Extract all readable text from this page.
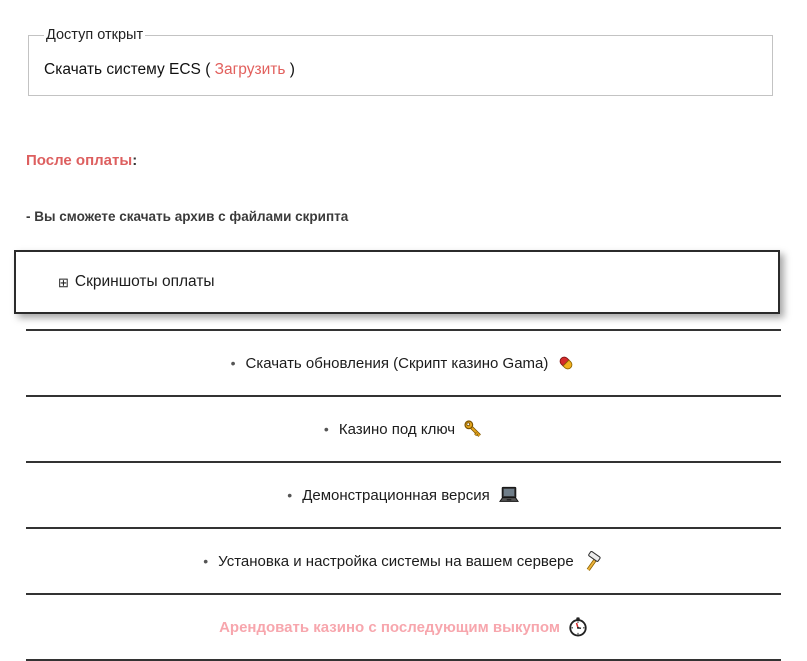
Доступ открыт
Скачать систему ECS ( Загрузить )
После оплаты:
- Вы сможете скачать архив с файлами скрипта
⊞ Скриншоты оплаты
• Скачать обновления (Скрипт казино Gama)
• Казино под ключ
• Демонстрационная версия
• Установка и настройка системы на вашем сервере
Арендовать казино с последующим выкупом
